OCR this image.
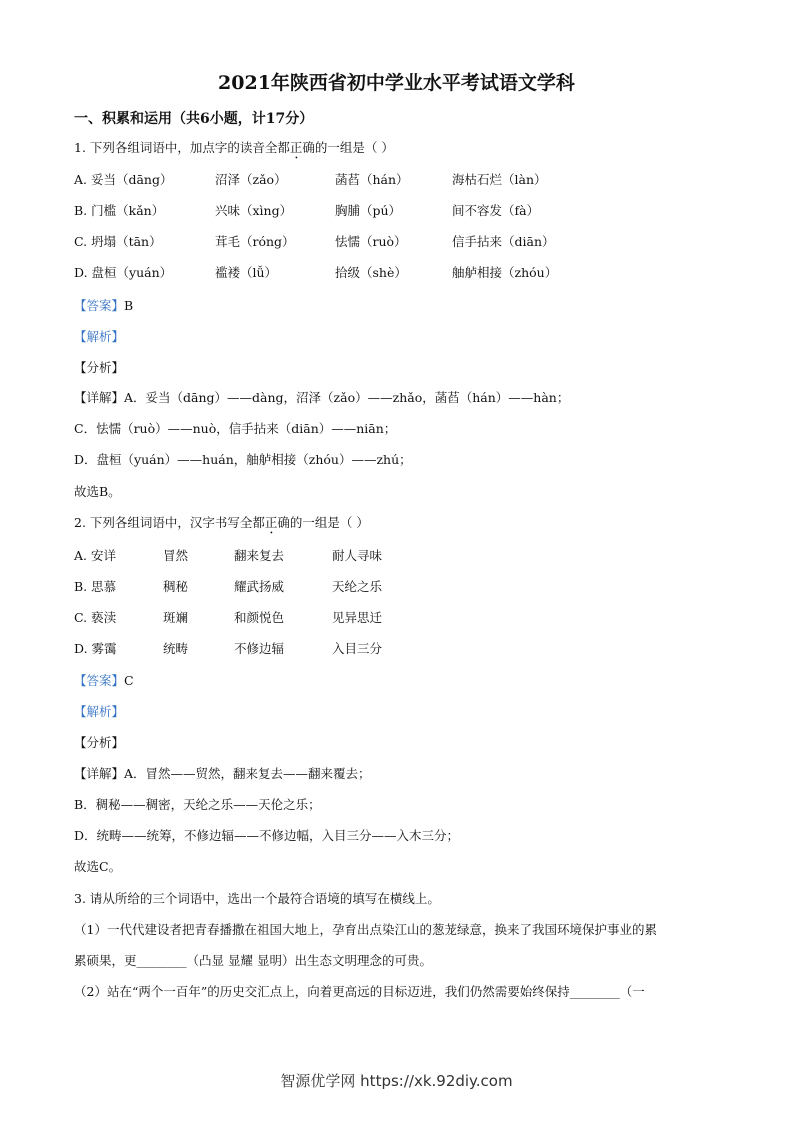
2021年陕西省初中学业水平考试语文学科
一、积累和运用（共6小题，计17分）
1. 下列各组词语中，加点字的读音全都正确的一组是（ ）
A. 妥当（dāng）	沼泽（zǎo）	菡萏（hán）	海枯石烂（làn）
B. 门槛（kǎn）	兴味（xìng）	胸脯（pú）	间不容发（fà）
C. 坍塌（tān）	茸毛（róng）	怯懦（ruò）	信手拈来（diān）
D. 盘桓（yuán）	褴褛（lǚ）	拾级（shè）	舳舻相接（zhóu）
【答案】B
【解析】
【分析】
【详解】A．妥当（dāng）——dàng，沼泽（zǎo）——zhǎo，菡萏（hán）——hàn；
C．怯懦（ruò）——nuò，信手拈来（diān）——niān；
D．盘桓（yuán）——huán，舳舻相接（zhóu）——zhú；
故选B。
2. 下列各组词语中，汉字书写全都正确的一组是（ ）
A. 安详	冒然	翻来复去	耐人寻味
B. 思慕	稠秘	耀武扬威	天纶之乐
C. 亵渎	斑斓	和颜悦色	见异思迁
D. 雾霭	统畴	不修边辐	入目三分
【答案】C
【解析】
【分析】
【详解】A．冒然——贸然，翻来复去——翻来覆去；
B．稠秘——稠密，天纶之乐——天伦之乐；
D．统畴——统筹，不修边辐——不修边幅，入目三分——入木三分；
故选C。
3. 请从所给的三个词语中，选出一个最符合语境的填写在横线上。
（1）一代代建设者把青春播撒在祖国大地上，孕育出点染江山的葱茏绿意，换来了我国环境保护事业的累
累硕果，更________（凸显 显耀 显明）出生态文明理念的可贵。
（2）站在“两个一百年”的历史交汇点上，向着更高远的目标迈进，我们仍然需要始终保持________（一
智源优学网 https://xk.92diy.com
